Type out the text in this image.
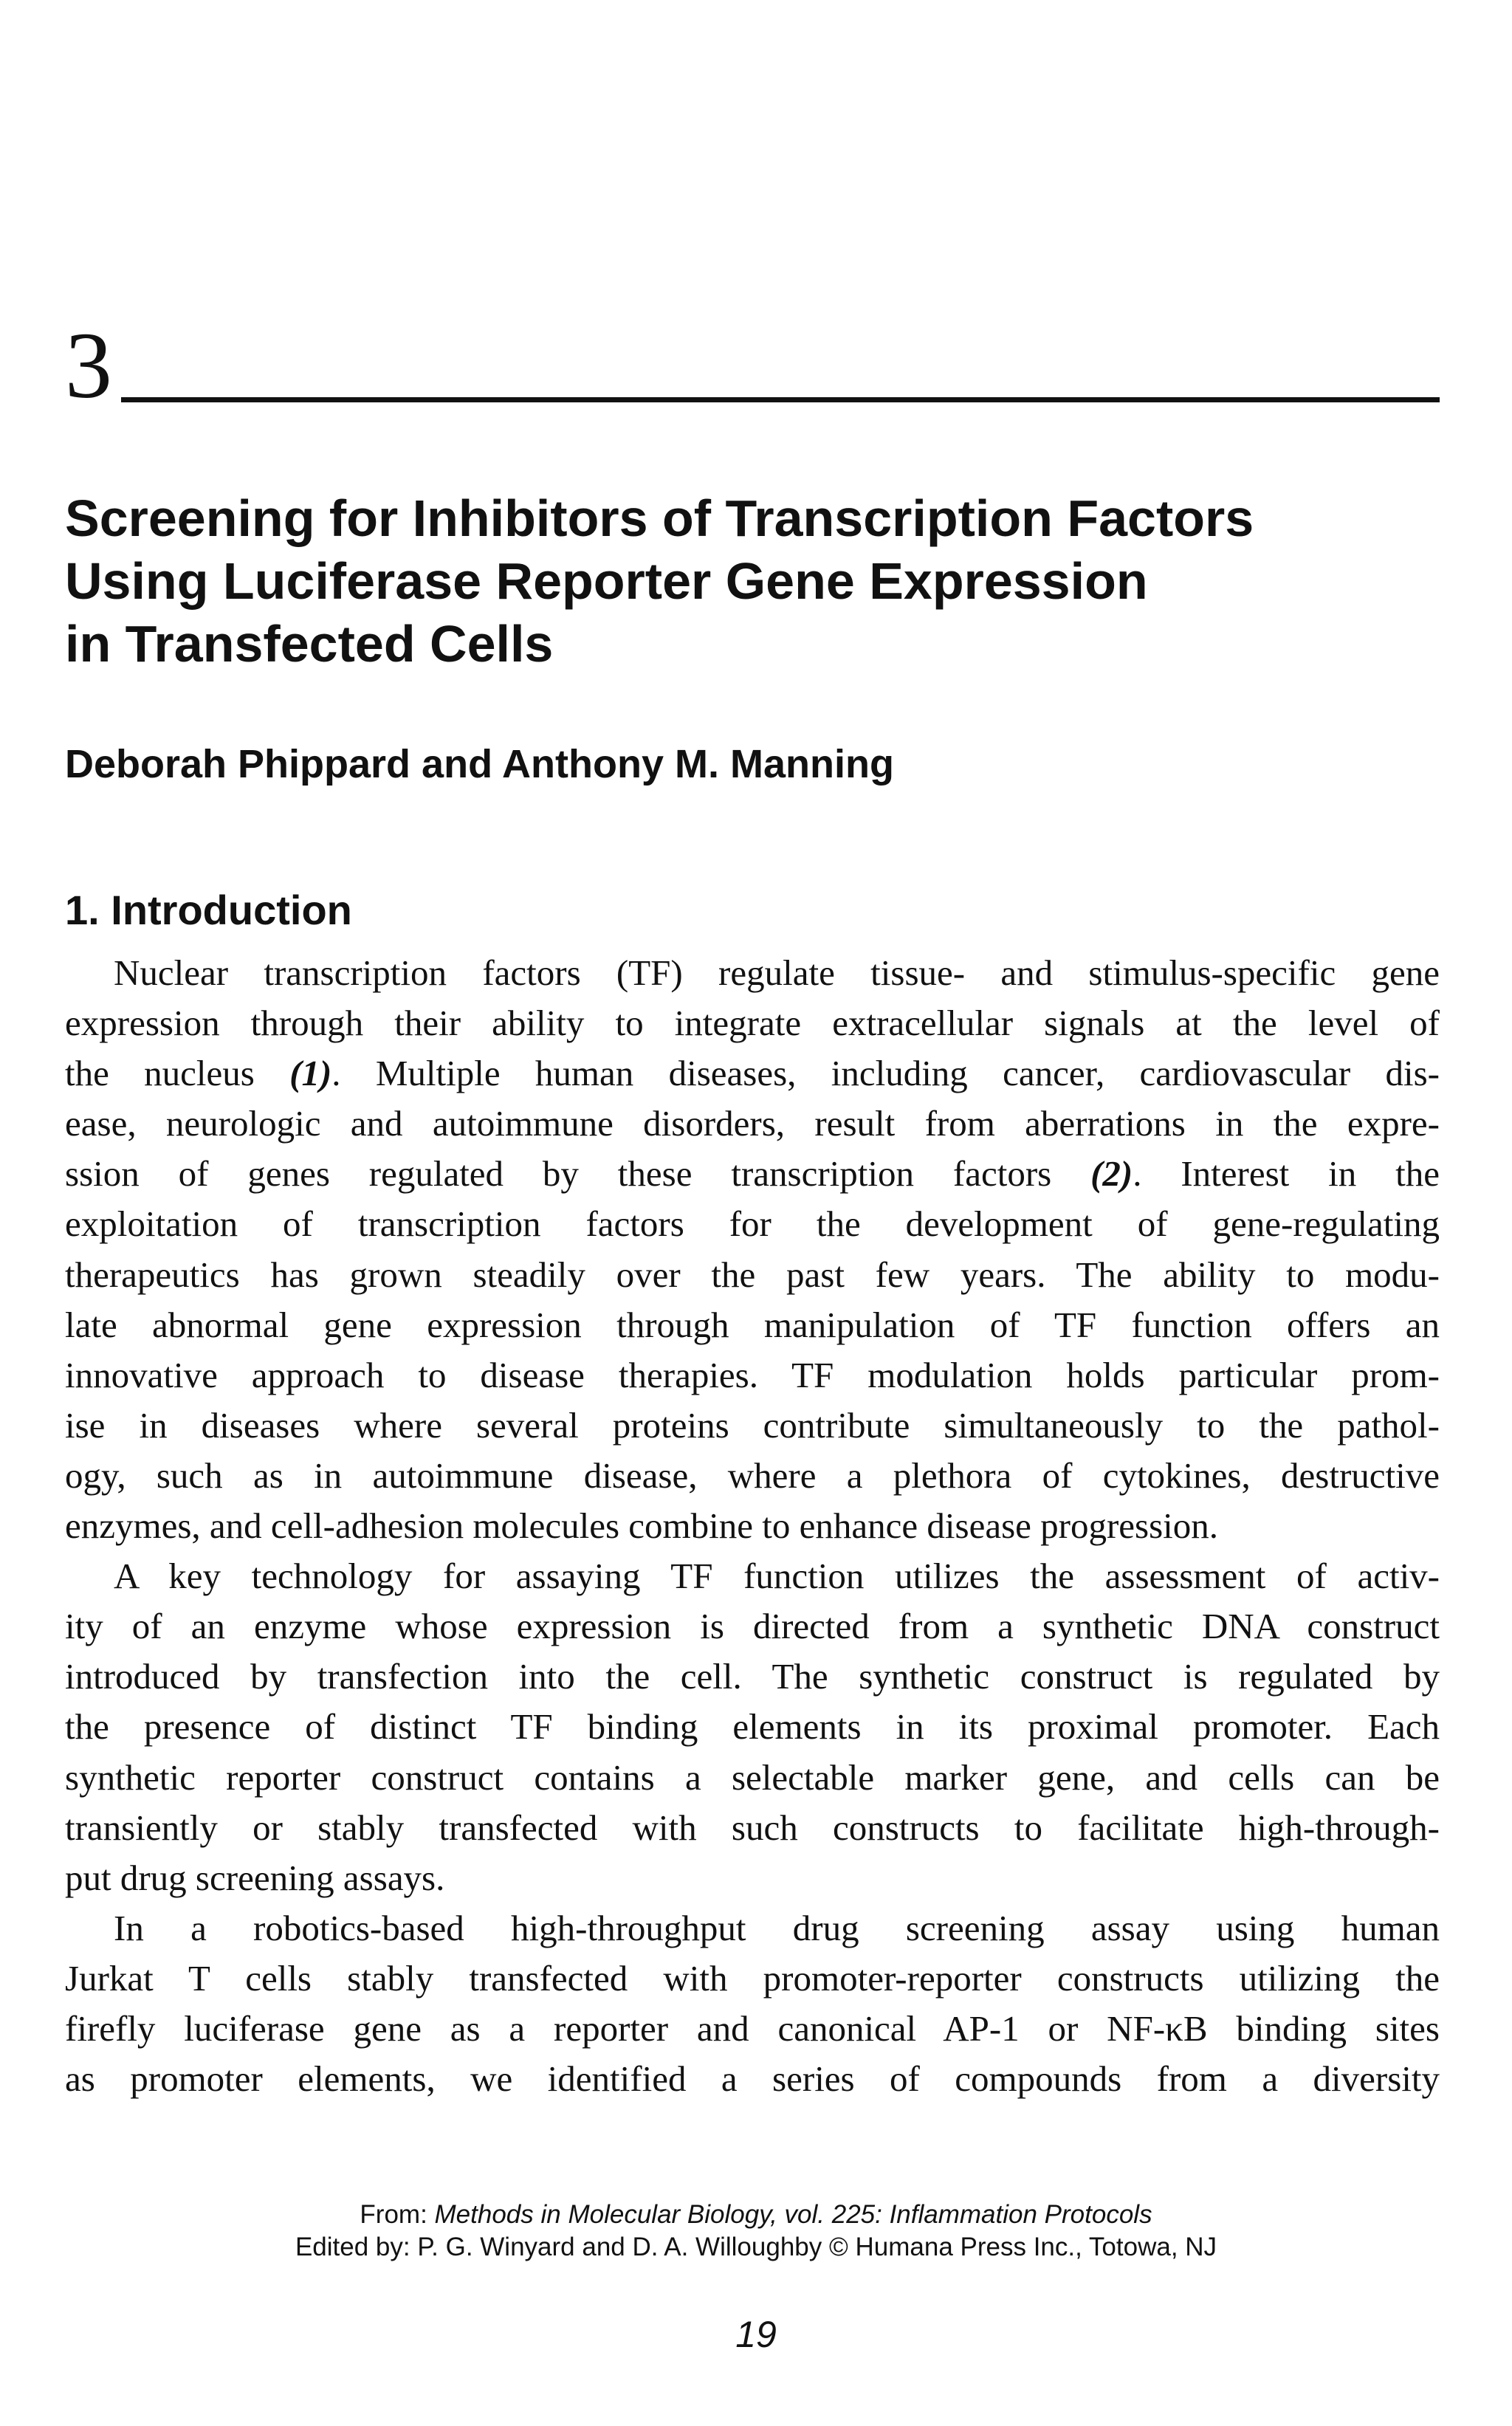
3
Screening for Inhibitors of Transcription Factors
Using Luciferase Reporter Gene Expression
in Transfected Cells
Deborah Phippard and Anthony M. Manning
1. Introduction
Nuclear transcription factors (TF) regulate tissue- and stimulus-specific gene
expression through their ability to integrate extracellular signals at the level of
the nucleus (1). Multiple human diseases, including cancer, cardiovascular dis-
ease, neurologic and autoimmune disorders, result from aberrations in the expre-
ssion of genes regulated by these transcription factors (2). Interest in the
exploitation of transcription factors for the development of gene-regulating
therapeutics has grown steadily over the past few years. The ability to modu-
late abnormal gene expression through manipulation of TF function offers an
innovative approach to disease therapies. TF modulation holds particular prom-
ise in diseases where several proteins contribute simultaneously to the pathol-
ogy, such as in autoimmune disease, where a plethora of cytokines, destructive
enzymes, and cell-adhesion molecules combine to enhance disease progression.
A key technology for assaying TF function utilizes the assessment of activ-
ity of an enzyme whose expression is directed from a synthetic DNA construct
introduced by transfection into the cell. The synthetic construct is regulated by
the presence of distinct TF binding elements in its proximal promoter. Each
synthetic reporter construct contains a selectable marker gene, and cells can be
transiently or stably transfected with such constructs to facilitate high-through-
put drug screening assays.
In a robotics-based high-throughput drug screening assay using human
Jurkat T cells stably transfected with promoter-reporter constructs utilizing the
firefly luciferase gene as a reporter and canonical AP-1 or NF-κB binding sites
as promoter elements, we identified a series of compounds from a diversity
From: Methods in Molecular Biology, vol. 225: Inflammation Protocols
Edited by: P. G. Winyard and D. A. Willoughby © Humana Press Inc., Totowa, NJ
19
